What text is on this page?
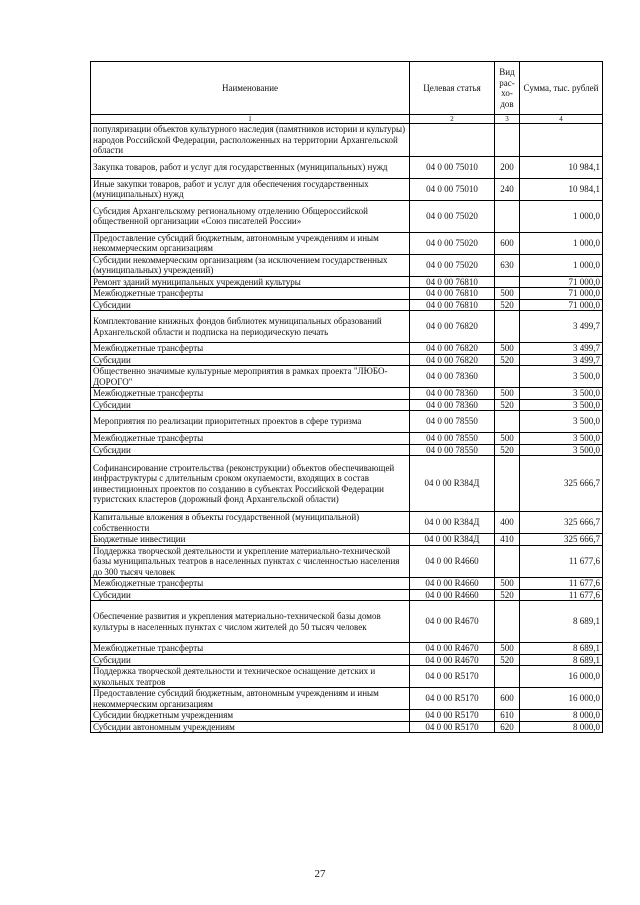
Наименование	Целевая статья	Вид рас- хо- дов	Сумма, тыс. рублей
1	2	3	4
популяризации объектов культурного наследия (памятников истории и культуры) народов Российской Федерации, расположенных на территории Архангельской области			
Закупка товаров, работ и услуг для государственных (муниципальных) нужд	04 0 00 75010	200	10 984,1
Иные закупки товаров, работ и услуг для обеспечения государственных (муниципальных) нужд	04 0 00 75010	240	10 984,1
Субсидия Архангельскому региональному отделению Общероссийской общественной организации «Союз писателей России»	04 0 00 75020		1 000,0
Предоставление субсидий бюджетным, автономным учреждениям и иным некоммерческим организациям	04 0 00 75020	600	1 000,0
Субсидии некоммерческим организациям (за исключением государственных (муниципальных) учреждений)	04 0 00 75020	630	1 000,0
Ремонт зданий муниципальных учреждений культуры	04 0 00 76810		71 000,0
Межбюджетные трансферты	04 0 00 76810	500	71 000,0
Субсидии	04 0 00 76810	520	71 000,0
Комплектование книжных фондов библиотек муниципальных образований Архангельской области и подписка на периодическую печать	04 0 00 76820		3 499,7
Межбюджетные трансферты	04 0 00 76820	500	3 499,7
Субсидии	04 0 00 76820	520	3 499,7
Общественно значимые культурные мероприятия в рамках проекта "ЛЮБО-ДОРОГО"	04 0 00 78360		3 500,0
Межбюджетные трансферты	04 0 00 78360	500	3 500,0
Субсидии	04 0 00 78360	520	3 500,0
Мероприятия по реализации приоритетных проектов в сфере туризма	04 0 00 78550		3 500,0
Межбюджетные трансферты	04 0 00 78550	500	3 500,0
Субсидии	04 0 00 78550	520	3 500,0
Софинансирование строительства (реконструкции) объектов обеспечивающей инфраструктуры с длительным сроком окупаемости, входящих в состав инвестиционных проектов по созданию в субъектах Российской Федерации туристских кластеров (дорожный фонд Архангельской области)	04 0 00 R384Д		325 666,7
Капитальные вложения в объекты государственной (муниципальной) собственности	04 0 00 R384Д	400	325 666,7
Бюджетные инвестиции	04 0 00 R384Д	410	325 666,7
Поддержка творческой деятельности и укрепление материально-технической базы муниципальных театров в населенных пунктах с численностью населения до 300 тысяч человек	04 0 00 R4660		11 677,6
Межбюджетные трансферты	04 0 00 R4660	500	11 677,6
Субсидии	04 0 00 R4660	520	11 677,6
Обеспечение развития и укрепления материально-технической базы домов культуры в населенных пунктах с числом жителей до 50 тысяч человек	04 0 00 R4670		8 689,1
Межбюджетные трансферты	04 0 00 R4670	500	8 689,1
Субсидии	04 0 00 R4670	520	8 689,1
Поддержка творческой деятельности и техническое оснащение детских и кукольных театров	04 0 00 R5170		16 000,0
Предоставление субсидий бюджетным, автономным учреждениям и иным некоммерческим организациям	04 0 00 R5170	600	16 000,0
Субсидии бюджетным учреждениям	04 0 00 R5170	610	8 000,0
Субсидии автономным учреждениям	04 0 00 R5170	620	8 000,0
27
